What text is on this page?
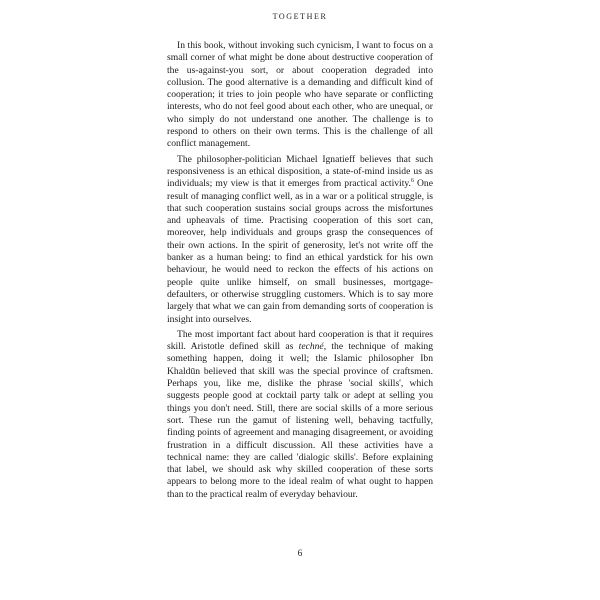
TOGETHER

In this book, without invoking such cynicism, I want to focus on a small corner of what might be done about destructive cooperation of the us-against-you sort, or about cooperation degraded into collusion. The good alternative is a demanding and difficult kind of cooperation; it tries to join people who have separate or conflicting interests, who do not feel good about each other, who are unequal, or who simply do not understand one another. The challenge is to respond to others on their own terms. This is the challenge of all conflict management.

The philosopher-politician Michael Ignatieff believes that such responsiveness is an ethical disposition, a state-of-mind inside us as individuals; my view is that it emerges from practical activity.$^6$ One result of managing conflict well, as in a war or a political struggle, is that such cooperation sustains social groups across the misfortunes and upheavals of time. Practising cooperation of this sort can, moreover, help individuals and groups grasp the consequences of their own actions. In the spirit of generosity, let's not write off the banker as a human being: to find an ethical yardstick for his own behaviour, he would need to reckon the effects of his actions on people quite unlike himself, on small businesses, mortgage-defaulters, or otherwise struggling customers. Which is to say more largely that what we can gain from demanding sorts of cooperation is insight into ourselves.

The most important fact about hard cooperation is that it requires skill. Aristotle defined skill as techné, the technique of making something happen, doing it well; the Islamic philosopher Ibn Khaldūn believed that skill was the special province of craftsmen. Perhaps you, like me, dislike the phrase 'social skills', which suggests people good at cocktail party talk or adept at selling you things you don't need. Still, there are social skills of a more serious sort. These run the gamut of listening well, behaving tactfully, finding points of agreement and managing disagreement, or avoiding frustration in a difficult discussion. All these activities have a technical name: they are called 'dialogic skills'. Before explaining that label, we should ask why skilled cooperation of these sorts appears to belong more to the ideal realm of what ought to happen than to the practical realm of everyday behaviour.

6
